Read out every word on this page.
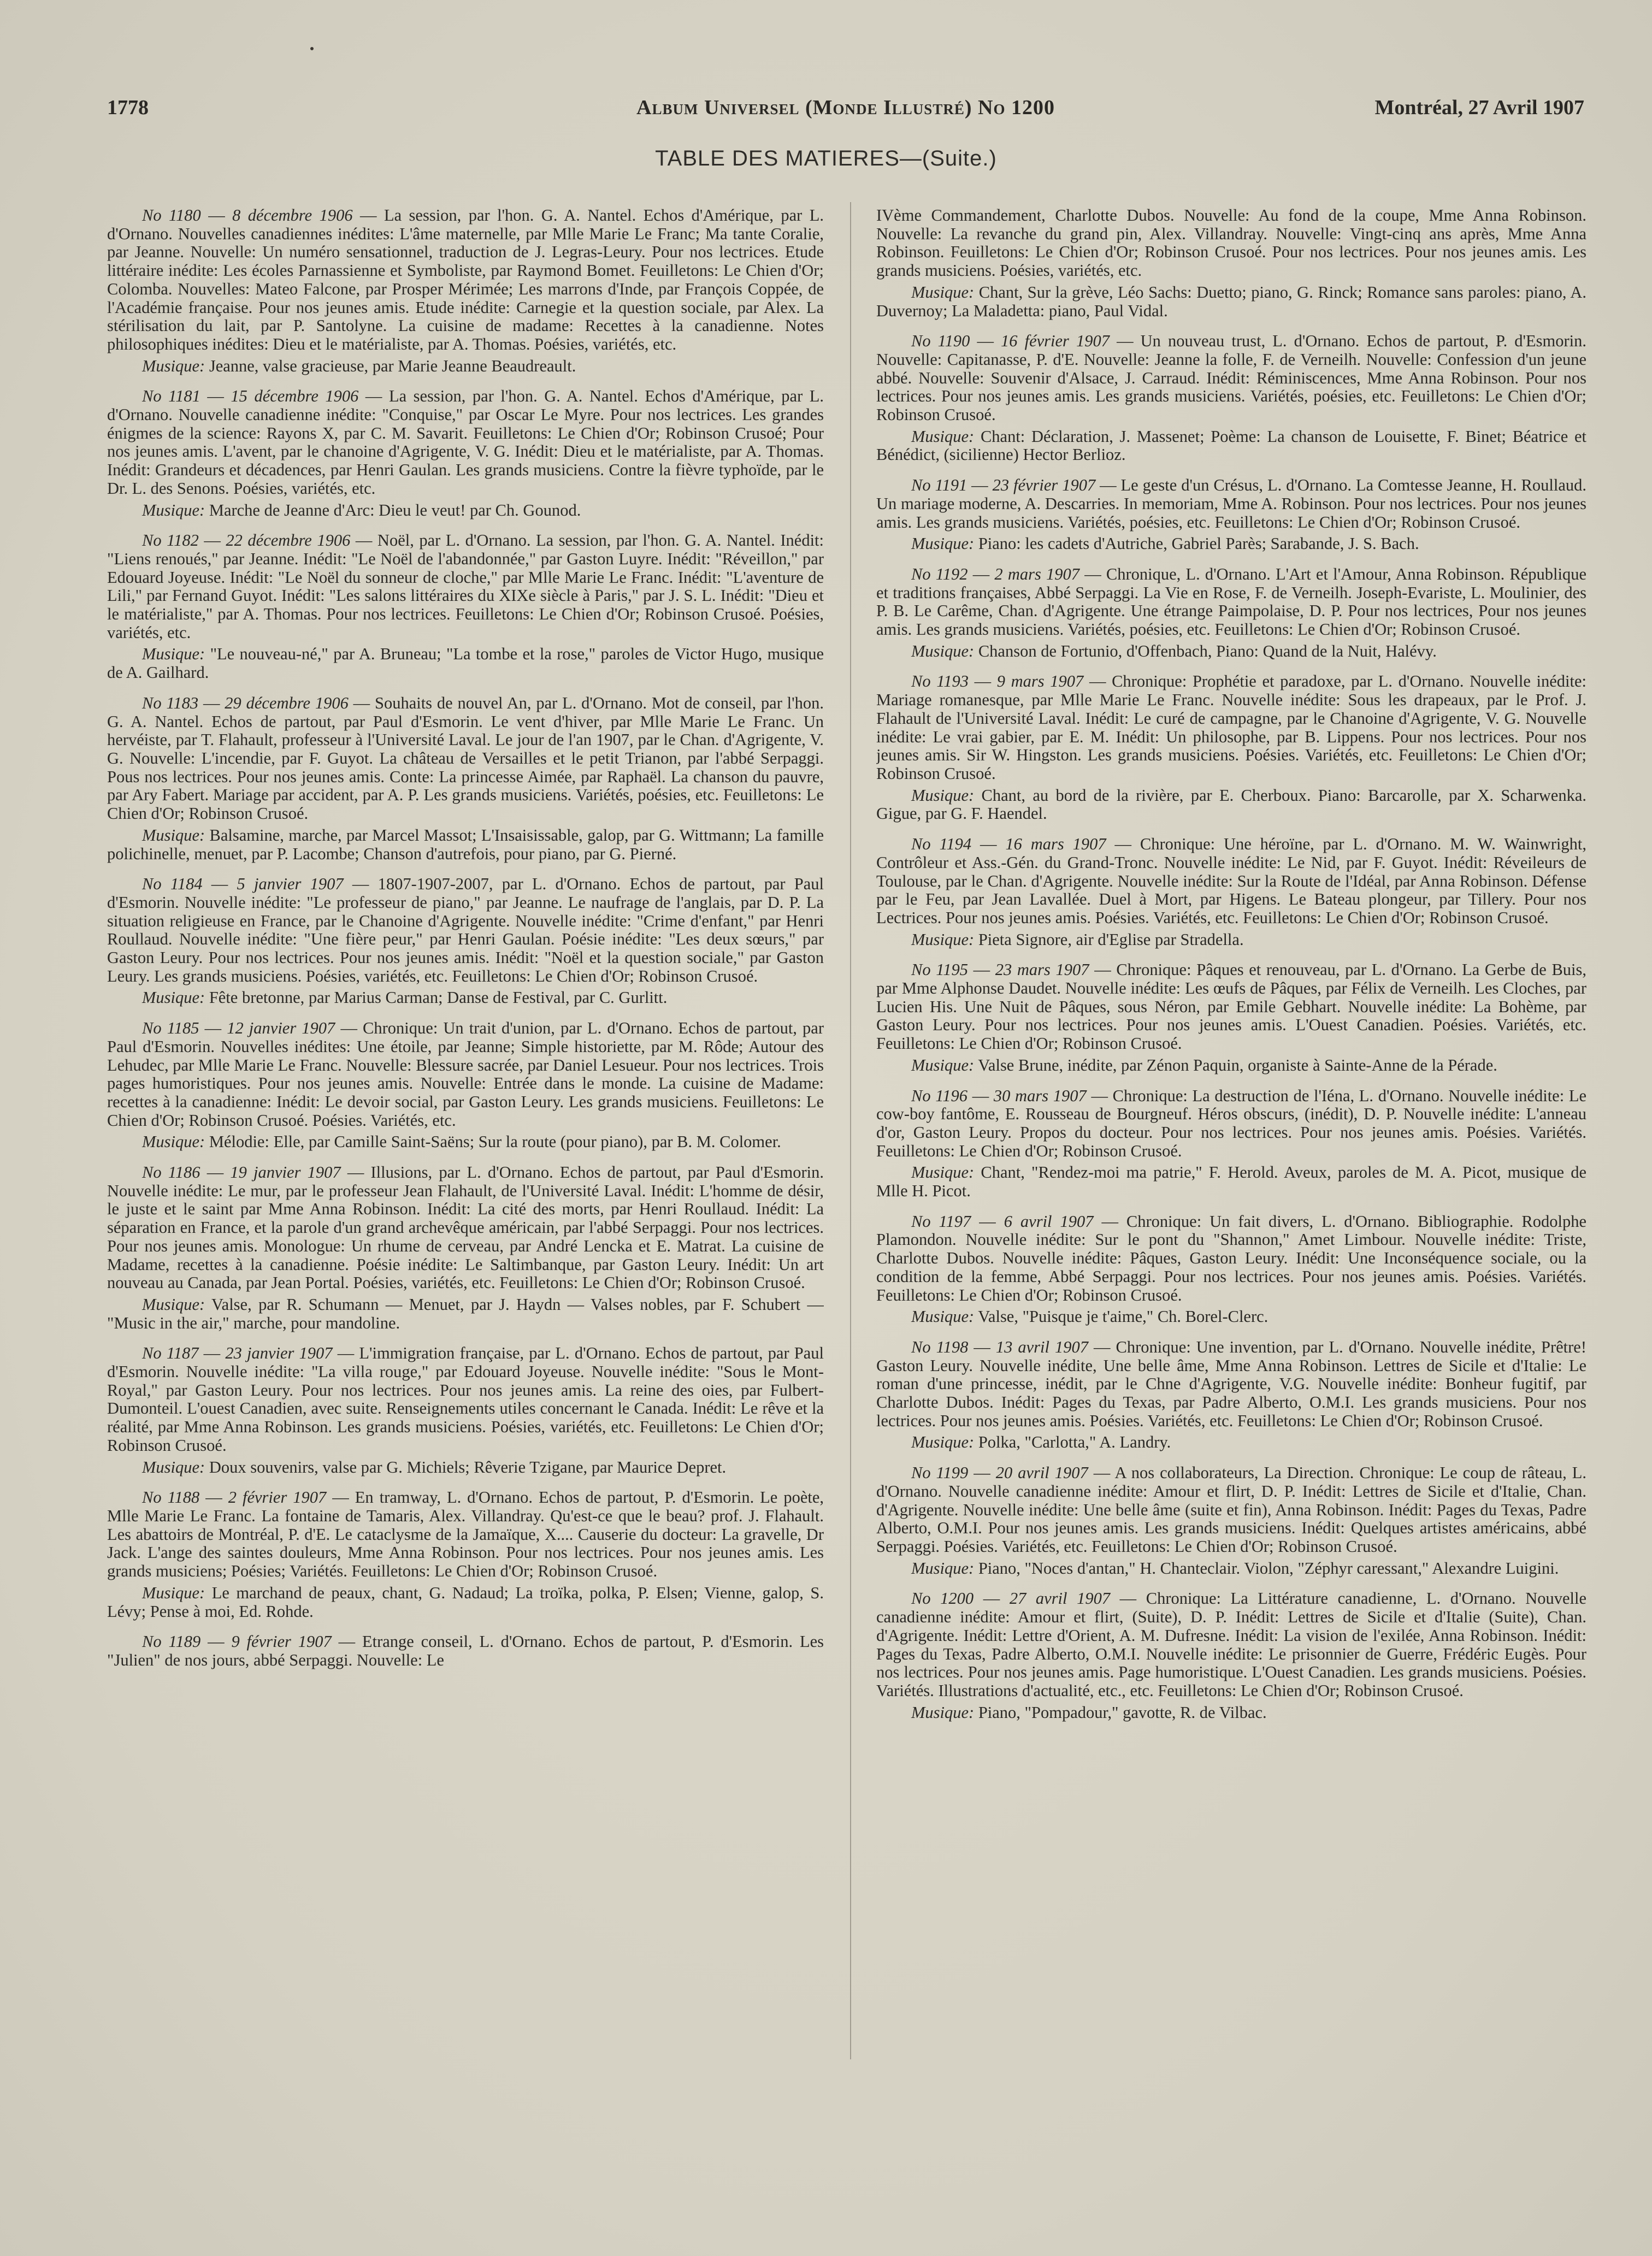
1778	Album Universel (Monde Illustré) No 1200	Montréal, 27 Avril 1907
TABLE DES MATIERES—(Suite.)

No 1180 — 8 décembre 1906 — La session, par l'hon. G. A. Nantel. Echos d'Amérique, par L. d'Ornano. Nouvelles canadiennes inédites: L'âme maternelle, par Mlle Marie Le Franc; Ma tante Coralie, par Jeanne. Nouvelle: Un numéro sensationnel, traduction de J. Legras-Leury. Pour nos lectrices. Etude littéraire inédite: Les écoles Parnassienne et Symboliste, par Raymond Bomet. Feuilletons: Le Chien d'Or; Colomba. Nouvelles: Mateo Falcone, par Prosper Mérimée; Les marrons d'Inde, par François Coppée, de l'Académie française. Pour nos jeunes amis. Etude inédite: Carnegie et la question sociale, par Alex. La stérilisation du lait, par P. Santolyne. La cuisine de madame: Recettes à la canadienne. Notes philosophiques inédites: Dieu et le matérialiste, par A. Thomas. Poésies, variétés, etc.

Musique: Jeanne, valse gracieuse, par Marie Jeanne Beaudreault.

No 1181 — 15 décembre 1906 — La session, par l'hon. G. A. Nantel. Echos d'Amérique, par L. d'Ornano. Nouvelle canadienne inédite: "Conquise," par Oscar Le Myre. Pour nos lectrices. Les grandes énigmes de la science: Rayons X, par C. M. Savarit. Feuilletons: Le Chien d'Or; Robinson Crusoé; Pour nos jeunes amis. L'avent, par le chanoine d'Agrigente, V. G. Inédit: Dieu et le matérialiste, par A. Thomas. Inédit: Grandeurs et décadences, par Henri Gaulan. Les grands musiciens. Contre la fièvre typhoïde, par le Dr. L. des Senons. Poésies, variétés, etc.

Musique: Marche de Jeanne d'Arc: Dieu le veut! par Ch. Gounod.

No 1182 — 22 décembre 1906 — Noël, par L. d'Ornano. La session, par l'hon. G. A. Nantel. Inédit: "Liens renoués," par Jeanne. Inédit: "Le Noël de l'abandonnée," par Gaston Luyre. Inédit: "Réveillon," par Edouard Joyeuse. Inédit: "Le Noël du sonneur de cloche," par Mlle Marie Le Franc. Inédit: "L'aventure de Lili," par Fernand Guyot. Inédit: "Les salons littéraires du XIXe siècle à Paris," par J. S. L. Inédit: "Dieu et le matérialiste," par A. Thomas. Pour nos lectrices. Feuilletons: Le Chien d'Or; Robinson Crusoé. Poésies, variétés, etc.

Musique: "Le nouveau-né," par A. Bruneau; "La tombe et la rose," paroles de Victor Hugo, musique de A. Gailhard.

No 1183 — 29 décembre 1906 — Souhaits de nouvel An, par L. d'Ornano. Mot de conseil, par l'hon. G. A. Nantel. Echos de partout, par Paul d'Esmorin. Le vent d'hiver, par Mlle Marie Le Franc. Un hervéiste, par T. Flahault, professeur à l'Université Laval. Le jour de l'an 1907, par le Chan. d'Agrigente, V. G. Nouvelle: L'incendie, par F. Guyot. La château de Versailles et le petit Trianon, par l'abbé Serpaggi. Pous nos lectrices. Pour nos jeunes amis. Conte: La princesse Aimée, par Raphaël. La chanson du pauvre, par Ary Fabert. Mariage par accident, par A. P. Les grands musiciens. Variétés, poésies, etc. Feuilletons: Le Chien d'Or; Robinson Crusoé.

Musique: Balsamine, marche, par Marcel Massot; L'Insaisissable, galop, par G. Wittmann; La famille polichinelle, menuet, par P. Lacombe; Chanson d'autrefois, pour piano, par G. Pierné.

No 1184 — 5 janvier 1907 — 1807-1907-2007, par L. d'Ornano. Echos de partout, par Paul d'Esmorin. Nouvelle inédite: "Le professeur de piano," par Jeanne. Le naufrage de l'anglais, par D. P. La situation religieuse en France, par le Chanoine d'Agrigente. Nouvelle inédite: "Crime d'enfant," par Henri Roullaud. Nouvelle inédite: "Une fière peur," par Henri Gaulan. Poésie inédite: "Les deux sœurs," par Gaston Leury. Pour nos lectrices. Pour nos jeunes amis. Inédit: "Noël et la question sociale," par Gaston Leury. Les grands musiciens. Poésies, variétés, etc. Feuilletons: Le Chien d'Or; Robinson Crusoé.

Musique: Fête bretonne, par Marius Carman; Danse de Festival, par C. Gurlitt.

No 1185 — 12 janvier 1907 — Chronique: Un trait d'union, par L. d'Ornano. Echos de partout, par Paul d'Esmorin. Nouvelles inédites: Une étoile, par Jeanne; Simple historiette, par M. Rôde; Autour des Lehudec, par Mlle Marie Le Franc. Nouvelle: Blessure sacrée, par Daniel Lesueur. Pour nos lectrices. Trois pages humoristiques. Pour nos jeunes amis. Nouvelle: Entrée dans le monde. La cuisine de Madame: recettes à la canadienne: Inédit: Le devoir social, par Gaston Leury. Les grands musiciens. Feuilletons: Le Chien d'Or; Robinson Crusoé. Poésies. Variétés, etc.

Musique: Mélodie: Elle, par Camille Saint-Saëns; Sur la route (pour piano), par B. M. Colomer.

No 1186 — 19 janvier 1907 — Illusions, par L. d'Ornano. Echos de partout, par Paul d'Esmorin. Nouvelle inédite: Le mur, par le professeur Jean Flahault, de l'Université Laval. Inédit: L'homme de désir, le juste et le saint par Mme Anna Robinson. Inédit: La cité des morts, par Henri Roullaud. Inédit: La séparation en France, et la parole d'un grand archevêque américain, par l'abbé Serpaggi. Pour nos lectrices. Pour nos jeunes amis. Monologue: Un rhume de cerveau, par André Lencka et E. Matrat. La cuisine de Madame, recettes à la canadienne. Poésie inédite: Le Saltimbanque, par Gaston Leury. Inédit: Un art nouveau au Canada, par Jean Portal. Poésies, variétés, etc. Feuilletons: Le Chien d'Or; Robinson Crusoé.

Musique: Valse, par R. Schumann — Menuet, par J. Haydn — Valses nobles, par F. Schubert — "Music in the air," marche, pour mandoline.

No 1187 — 23 janvier 1907 — L'immigration française, par L. d'Ornano. Echos de partout, par Paul d'Esmorin. Nouvelle inédite: "La villa rouge," par Edouard Joyeuse. Nouvelle inédite: "Sous le Mont-Royal," par Gaston Leury. Pour nos lectrices. Pour nos jeunes amis. La reine des oies, par Fulbert-Dumonteil. L'ouest Canadien, avec suite. Renseignements utiles concernant le Canada. Inédit: Le rêve et la réalité, par Mme Anna Robinson. Les grands musiciens. Poésies, variétés, etc. Feuilletons: Le Chien d'Or; Robinson Crusoé.

Musique: Doux souvenirs, valse par G. Michiels; Rêverie Tzigane, par Maurice Depret.

No 1188 — 2 février 1907 — En tramway, L. d'Ornano. Echos de partout, P. d'Esmorin. Le poète, Mlle Marie Le Franc. La fontaine de Tamaris, Alex. Villandray. Qu'est-ce que le beau? prof. J. Flahault. Les abattoirs de Montréal, P. d'E. Le cataclysme de la Jamaïque, X.... Causerie du docteur: La gravelle, Dr Jack. L'ange des saintes douleurs, Mme Anna Robinson. Pour nos lectrices. Pour nos jeunes amis. Les grands musiciens; Poésies; Variétés. Feuilletons: Le Chien d'Or; Robinson Crusoé.

Musique: Le marchand de peaux, chant, G. Nadaud; La troïka, polka, P. Elsen; Vienne, galop, S. Lévy; Pense à moi, Ed. Rohde.

No 1189 — 9 février 1907 — Etrange conseil, L. d'Ornano. Echos de partout, P. d'Esmorin. Les "Julien" de nos jours, abbé Serpaggi. Nouvelle: Le

IVème Commandement, Charlotte Dubos. Nouvelle: Au fond de la coupe, Mme Anna Robinson. Nouvelle: La revanche du grand pin, Alex. Villandray. Nouvelle: Vingt-cinq ans après, Mme Anna Robinson. Feuilletons: Le Chien d'Or; Robinson Crusoé. Pour nos lectrices. Pour nos jeunes amis. Les grands musiciens. Poésies, variétés, etc.

Musique: Chant, Sur la grève, Léo Sachs: Duetto; piano, G. Rinck; Romance sans paroles: piano, A. Duvernoy; La Maladetta: piano, Paul Vidal.

No 1190 — 16 février 1907 — Un nouveau trust, L. d'Ornano. Echos de partout, P. d'Esmorin. Nouvelle: Capitanasse, P. d'E. Nouvelle: Jeanne la folle, F. de Verneilh. Nouvelle: Confession d'un jeune abbé. Nouvelle: Souvenir d'Alsace, J. Carraud. Inédit: Réminiscences, Mme Anna Robinson. Pour nos lectrices. Pour nos jeunes amis. Les grands musiciens. Variétés, poésies, etc. Feuilletons: Le Chien d'Or; Robinson Crusoé.

Musique: Chant: Déclaration, J. Massenet; Poème: La chanson de Louisette, F. Binet; Béatrice et Bénédict, (sicilienne) Hector Berlioz.

No 1191 — 23 février 1907 — Le geste d'un Crésus, L. d'Ornano. La Comtesse Jeanne, H. Roullaud. Un mariage moderne, A. Descarries. In memoriam, Mme A. Robinson. Pour nos lectrices. Pour nos jeunes amis. Les grands musiciens. Variétés, poésies, etc. Feuilletons: Le Chien d'Or; Robinson Crusoé.

Musique: Piano: les cadets d'Autriche, Gabriel Parès; Sarabande, J. S. Bach.

No 1192 — 2 mars 1907 — Chronique, L. d'Ornano. L'Art et l'Amour, Anna Robinson. République et traditions françaises, Abbé Serpaggi. La Vie en Rose, F. de Verneilh. Joseph-Evariste, L. Moulinier, des P. B. Le Carême, Chan. d'Agrigente. Une étrange Paimpolaise, D. P. Pour nos lectrices, Pour nos jeunes amis. Les grands musiciens. Variétés, poésies, etc. Feuilletons: Le Chien d'Or; Robinson Crusoé.

Musique: Chanson de Fortunio, d'Offenbach, Piano: Quand de la Nuit, Halévy.

No 1193 — 9 mars 1907 — Chronique: Prophétie et paradoxe, par L. d'Ornano. Nouvelle inédite: Mariage romanesque, par Mlle Marie Le Franc. Nouvelle inédite: Sous les drapeaux, par le Prof. J. Flahault de l'Université Laval. Inédit: Le curé de campagne, par le Chanoine d'Agrigente, V. G. Nouvelle inédite: Le vrai gabier, par E. M. Inédit: Un philosophe, par B. Lippens. Pour nos lectrices. Pour nos jeunes amis. Sir W. Hingston. Les grands musiciens. Poésies. Variétés, etc. Feuilletons: Le Chien d'Or; Robinson Crusoé.

Musique: Chant, au bord de la rivière, par E. Cherboux. Piano: Barcarolle, par X. Scharwenka. Gigue, par G. F. Haendel.

No 1194 — 16 mars 1907 — Chronique: Une héroïne, par L. d'Ornano. M. W. Wainwright, Contrôleur et Ass.-Gén. du Grand-Tronc. Nouvelle inédite: Le Nid, par F. Guyot. Inédit: Réveileurs de Toulouse, par le Chan. d'Agrigente. Nouvelle inédite: Sur la Route de l'Idéal, par Anna Robinson. Défense par le Feu, par Jean Lavallée. Duel à Mort, par Higens. Le Bateau plongeur, par Tillery. Pour nos Lectrices. Pour nos jeunes amis. Poésies. Variétés, etc. Feuilletons: Le Chien d'Or; Robinson Crusoé.

Musique: Pieta Signore, air d'Eglise par Stradella.

No 1195 — 23 mars 1907 — Chronique: Pâques et renouveau, par L. d'Ornano. La Gerbe de Buis, par Mme Alphonse Daudet. Nouvelle inédite: Les œufs de Pâques, par Félix de Verneilh. Les Cloches, par Lucien His. Une Nuit de Pâques, sous Néron, par Emile Gebhart. Nouvelle inédite: La Bohème, par Gaston Leury. Pour nos lectrices. Pour nos jeunes amis. L'Ouest Canadien. Poésies. Variétés, etc. Feuilletons: Le Chien d'Or; Robinson Crusoé.

Musique: Valse Brune, inédite, par Zénon Paquin, organiste à Sainte-Anne de la Pérade.

No 1196 — 30 mars 1907 — Chronique: La destruction de l'Iéna, L. d'Ornano. Nouvelle inédite: Le cow-boy fantôme, E. Rousseau de Bourgneuf. Héros obscurs, (inédit), D. P. Nouvelle inédite: L'anneau d'or, Gaston Leury. Propos du docteur. Pour nos lectrices. Pour nos jeunes amis. Poésies. Variétés. Feuilletons: Le Chien d'Or; Robinson Crusoé.

Musique: Chant, "Rendez-moi ma patrie," F. Herold. Aveux, paroles de M. A. Picot, musique de Mlle H. Picot.

No 1197 — 6 avril 1907 — Chronique: Un fait divers, L. d'Ornano. Bibliographie. Rodolphe Plamondon. Nouvelle inédite: Sur le pont du "Shannon," Amet Limbour. Nouvelle inédite: Triste, Charlotte Dubos. Nouvelle inédite: Pâques, Gaston Leury. Inédit: Une Inconséquence sociale, ou la condition de la femme, Abbé Serpaggi. Pour nos lectrices. Pour nos jeunes amis. Poésies. Variétés. Feuilletons: Le Chien d'Or; Robinson Crusoé.

Musique: Valse, "Puisque je t'aime," Ch. Borel-Clerc.

No 1198 — 13 avril 1907 — Chronique: Une invention, par L. d'Ornano. Nouvelle inédite, Prêtre! Gaston Leury. Nouvelle inédite, Une belle âme, Mme Anna Robinson. Lettres de Sicile et d'Italie: Le roman d'une princesse, inédit, par le Chne d'Agrigente, V.G. Nouvelle inédite: Bonheur fugitif, par Charlotte Dubos. Inédit: Pages du Texas, par Padre Alberto, O.M.I. Les grands musiciens. Pour nos lectrices. Pour nos jeunes amis. Poésies. Variétés, etc. Feuilletons: Le Chien d'Or; Robinson Crusoé.

Musique: Polka, "Carlotta," A. Landry.

No 1199 — 20 avril 1907 — A nos collaborateurs, La Direction. Chronique: Le coup de râteau, L. d'Ornano. Nouvelle canadienne inédite: Amour et flirt, D. P. Inédit: Lettres de Sicile et d'Italie, Chan. d'Agrigente. Nouvelle inédite: Une belle âme (suite et fin), Anna Robinson. Inédit: Pages du Texas, Padre Alberto, O.M.I. Pour nos jeunes amis. Les grands musiciens. Inédit: Quelques artistes américains, abbé Serpaggi. Poésies. Variétés, etc. Feuilletons: Le Chien d'Or; Robinson Crusoé.

Musique: Piano, "Noces d'antan," H. Chanteclair. Violon, "Zéphyr caressant," Alexandre Luigini.

No 1200 — 27 avril 1907 — Chronique: La Littérature canadienne, L. d'Ornano. Nouvelle canadienne inédite: Amour et flirt, (Suite), D. P. Inédit: Lettres de Sicile et d'Italie (Suite), Chan. d'Agrigente. Inédit: Lettre d'Orient, A. M. Dufresne. Inédit: La vision de l'exilée, Anna Robinson. Inédit: Pages du Texas, Padre Alberto, O.M.I. Nouvelle inédite: Le prisonnier de Guerre, Frédéric Eugès. Pour nos lectrices. Pour nos jeunes amis. Page humoristique. L'Ouest Canadien. Les grands musiciens. Poésies. Variétés. Illustrations d'actualité, etc., etc. Feuilletons: Le Chien d'Or; Robinson Crusoé.

Musique: Piano, "Pompadour," gavotte, R. de Vilbac.
